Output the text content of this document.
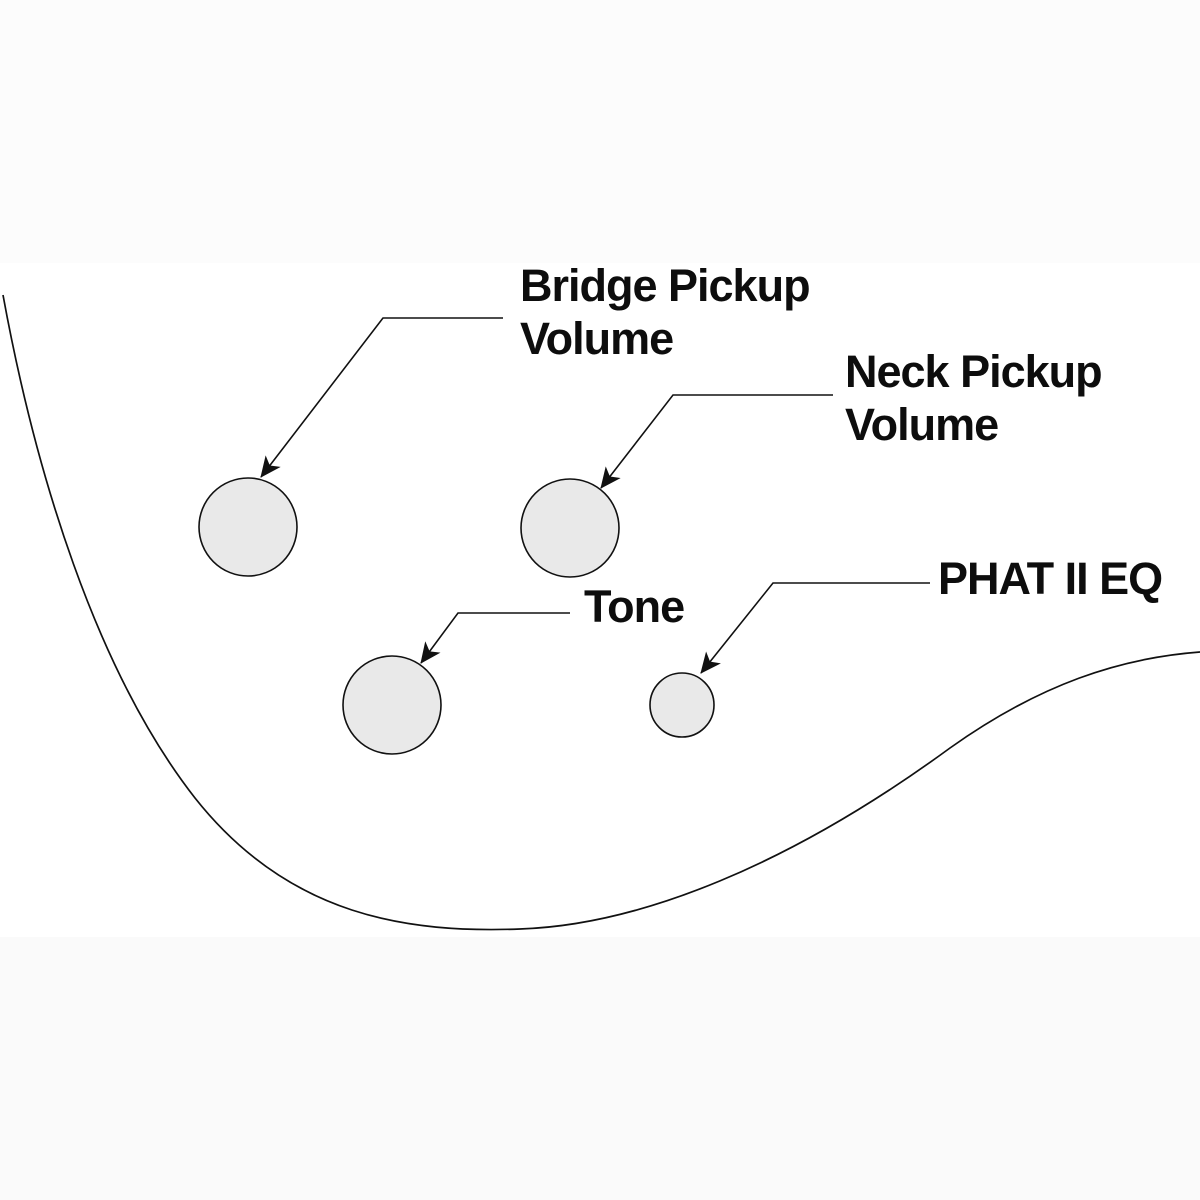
Bridge Pickup
Volume
Neck Pickup
Volume
Tone
PHAT II EQ
